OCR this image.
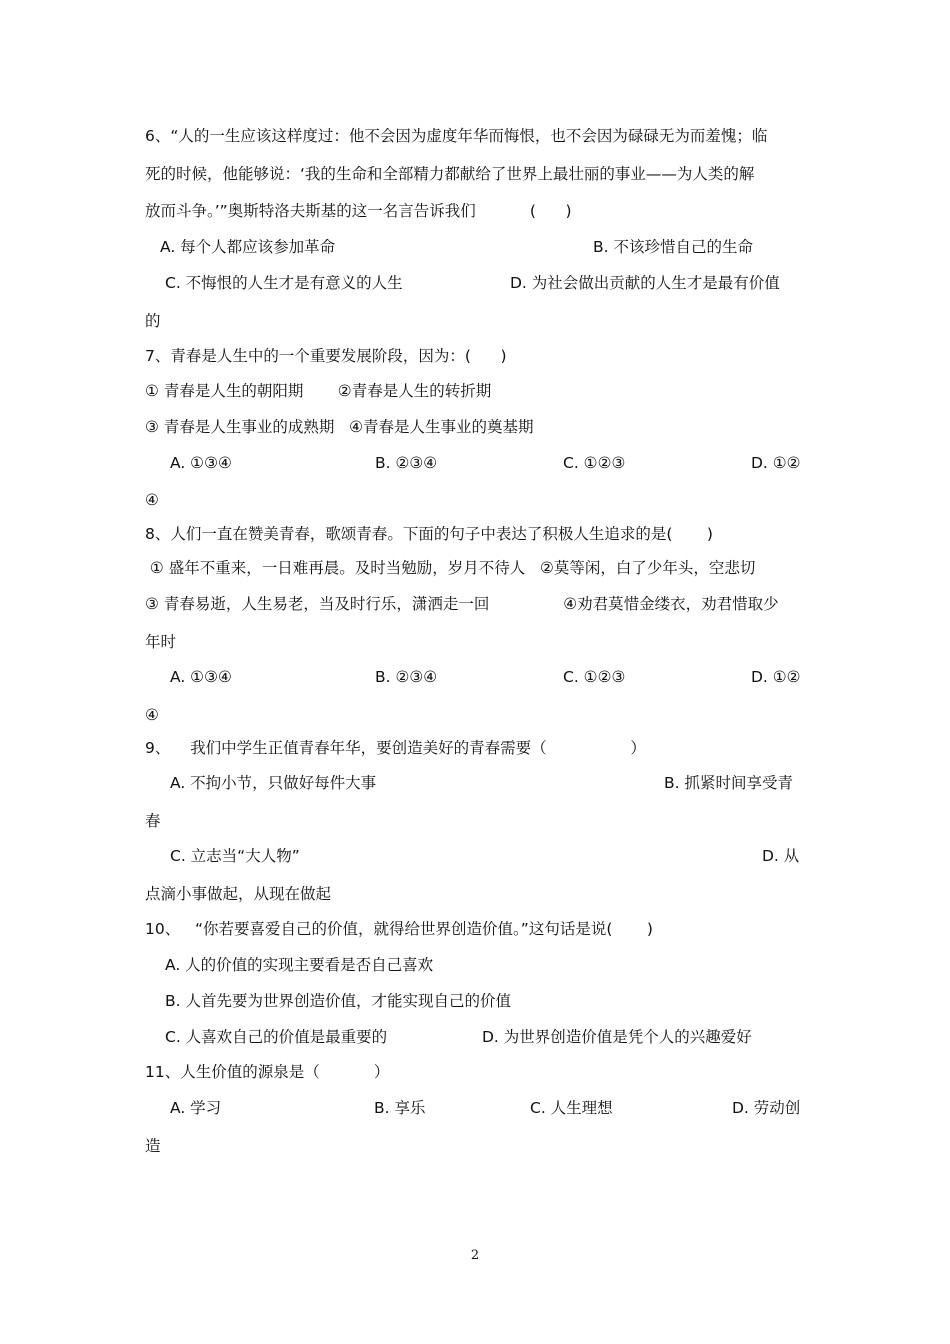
6、“人的一生应该这样度过：他不会因为虚度年华而悔恨，也不会因为碌碌无为而羞愧；临
死的时候，他能够说：‘我的生命和全部精力都献给了世界上最壮丽的事业——为人类的解
放而斗争。’”奥斯特洛夫斯基的这一名言告诉我们           (      )
A. 每个人都应该参加革命	B. 不该珍惜自己的生命
C. 不悔恨的人生才是有意义的人生	D. 为社会做出贡献的人生才是最有价值
的
7、青春是人生中的一个重要发展阶段，因为：(      )
① 青春是人生的朝阳期       ②青春是人生的转折期
③ 青春是人生事业的成熟期   ④青春是人生事业的奠基期
A. ①③④	B. ②③④	C. ①②③	D. ①②
④
8、人们一直在赞美青春，歌颂青春。下面的句子中表达了积极人生追求的是(       )
① 盛年不重来，一日难再晨。及时当勉励，岁月不待人   ②莫等闲，白了少年头，空悲切
③ 青春易逝，人生易老，当及时行乐，潇洒走一回               ④劝君莫惜金缕衣，劝君惜取少
年时
A. ①③④	B. ②③④	C. ①②③	D. ①②
④
9、    我们中学生正值青春年华，要创造美好的青春需要（                 ）
A. 不拘小节，只做好每件大事	B. 抓紧时间享受青
春
C. 立志当“大人物”	D. 从
点滴小事做起，从现在做起
10、   “你若要喜爱自己的价值，就得给世界创造价值。”这句话是说(       )
A. 人的价值的实现主要看是否自己喜欢
B. 人首先要为世界创造价值，才能实现自己的价值
C. 人喜欢自己的价值是最重要的	D. 为世界创造价值是凭个人的兴趣爱好
11、人生价值的源泉是（           ）
A. 学习	B. 享乐	C. 人生理想	D. 劳动创
造
2
